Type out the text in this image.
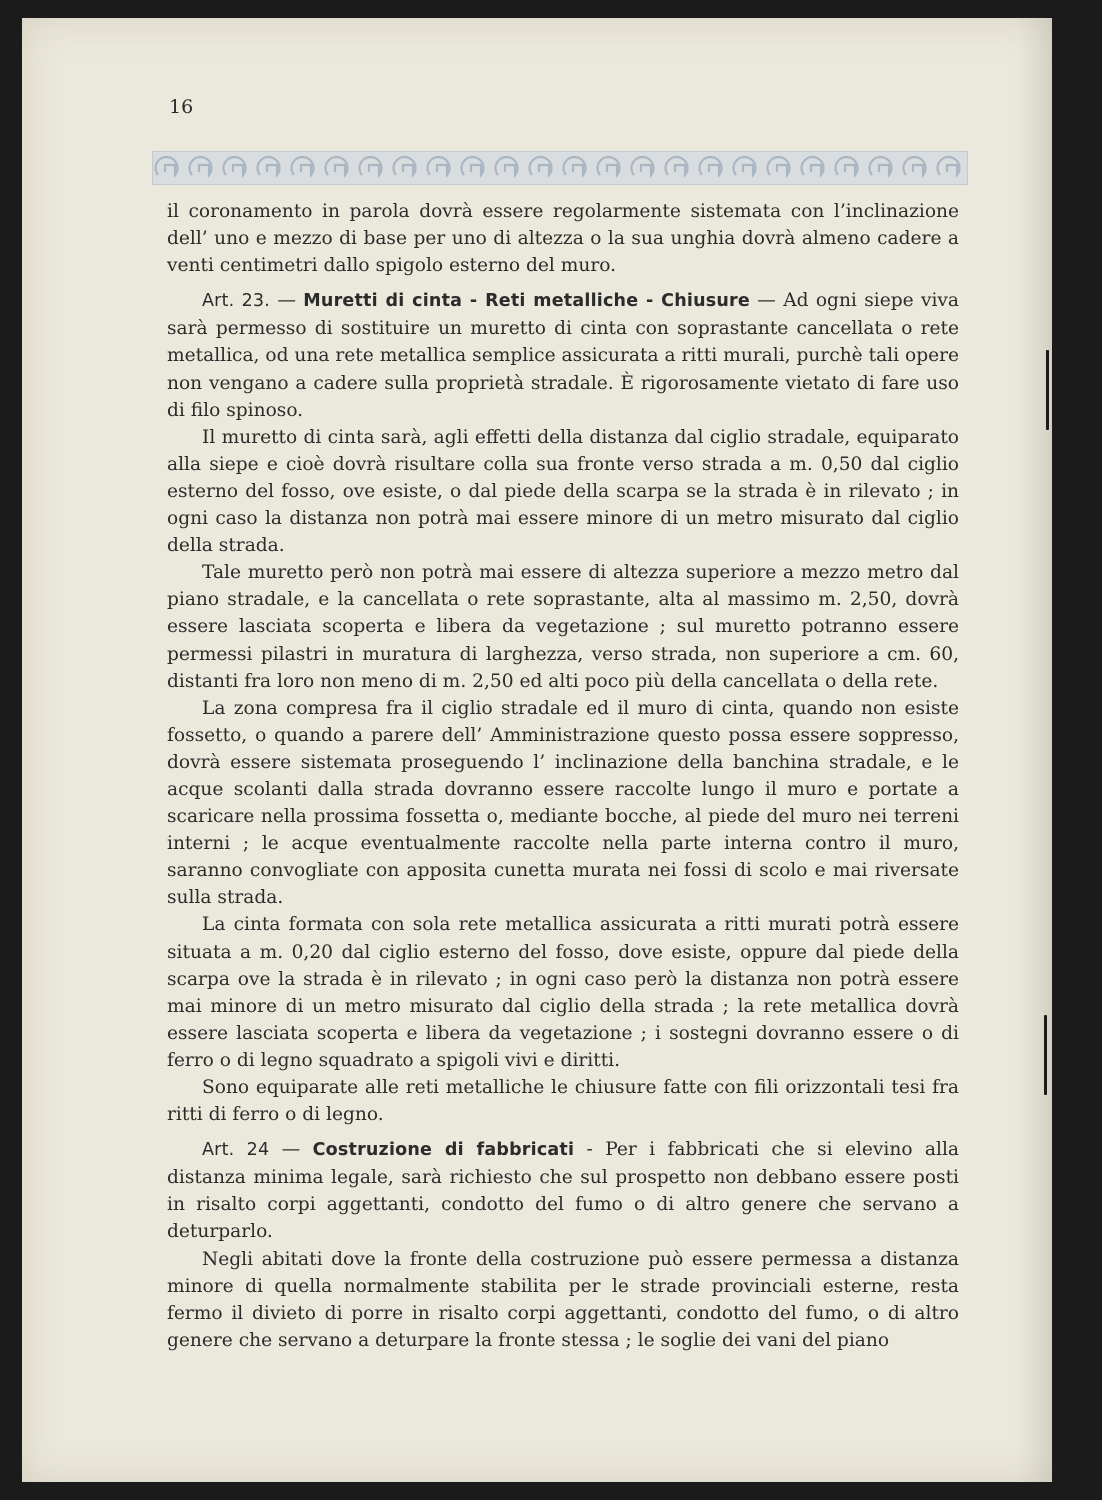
16

il coronamento in parola dovrà essere regolarmente sistemata con l’inclinazione dell’ uno e mezzo di base per uno di altezza o la sua unghia dovrà almeno cadere a venti centimetri dallo spigolo esterno del muro.

Art. 23. — Muretti di cinta - Reti metalliche - Chiusure — Ad ogni siepe viva sarà permesso di sostituire un muretto di cinta con soprastante cancellata o rete metallica, od una rete metallica semplice assicurata a ritti murali, purchè tali opere non vengano a cadere sulla proprietà stradale. È rigorosamente vietato di fare uso di filo spinoso.

Il muretto di cinta sarà, agli effetti della distanza dal ciglio stradale, equiparato alla siepe e cioè dovrà risultare colla sua fronte verso strada a m. 0,50 dal ciglio esterno del fosso, ove esiste, o dal piede della scarpa se la strada è in rilevato ; in ogni caso la distanza non potrà mai essere minore di un metro misurato dal ciglio della strada.

Tale muretto però non potrà mai essere di altezza superiore a mezzo metro dal piano stradale, e la cancellata o rete soprastante, alta al massimo m. 2,50, dovrà essere lasciata scoperta e libera da vegetazione ; sul muretto potranno essere permessi pilastri in muratura di larghezza, verso strada, non superiore a cm. 60, distanti fra loro non meno di m. 2,50 ed alti poco più della cancellata o della rete.

La zona compresa fra il ciglio stradale ed il muro di cinta, quando non esiste fossetto, o quando a parere dell’ Amministrazione questo possa essere soppresso, dovrà essere sistemata proseguendo l’ inclinazione della banchina stradale, e le acque scolanti dalla strada dovranno essere raccolte lungo il muro e portate a scaricare nella prossima fossetta o, mediante bocche, al piede del muro nei terreni interni ; le acque eventualmente raccolte nella parte interna contro il muro, saranno convogliate con apposita cunetta murata nei fossi di scolo e mai riversate sulla strada.

La cinta formata con sola rete metallica assicurata a ritti murati potrà essere situata a m. 0,20 dal ciglio esterno del fosso, dove esiste, oppure dal piede della scarpa ove la strada è in rilevato ; in ogni caso però la distanza non potrà essere mai minore di un metro misurato dal ciglio della strada ; la rete metallica dovrà essere lasciata scoperta e libera da vegetazione ; i sostegni dovranno essere o di ferro o di legno squadrato a spigoli vivi e diritti.

Sono equiparate alle reti metalliche le chiusure fatte con fili orizzontali tesi fra ritti di ferro o di legno.

Art. 24 — Costruzione di fabbricati - Per i fabbricati che si elevino alla distanza minima legale, sarà richiesto che sul prospetto non debbano essere posti in risalto corpi aggettanti, condotto del fumo o di altro genere che servano a deturparlo.

Negli abitati dove la fronte della costruzione può essere permessa a distanza minore di quella normalmente stabilita per le strade provinciali esterne, resta fermo il divieto di porre in risalto corpi aggettanti, condotto del fumo, o di altro genere che servano a deturpare la fronte stessa ; le soglie dei vani del piano
